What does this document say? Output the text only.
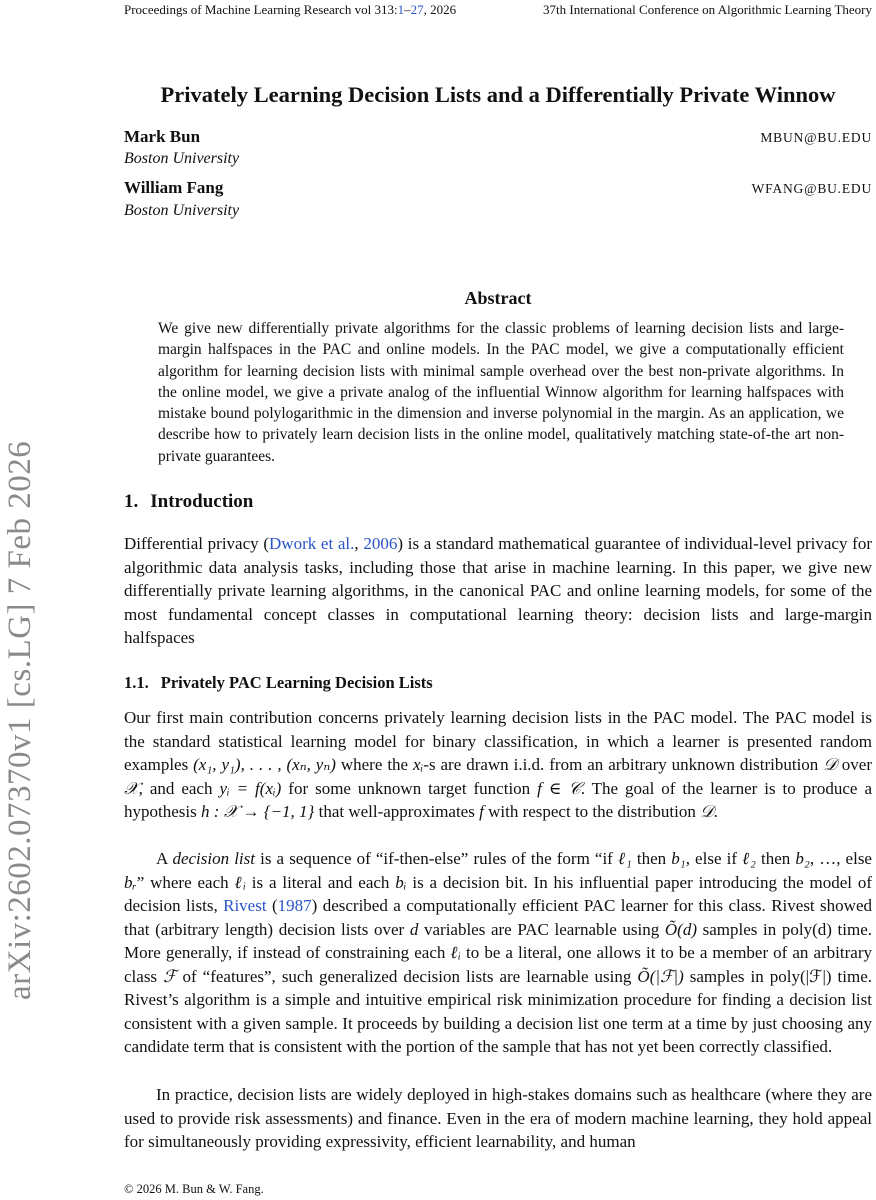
Proceedings of Machine Learning Research vol 313:1–27, 2026	37th International Conference on Algorithmic Learning Theory
arXiv:2602.07370v1 [cs.LG] 7 Feb 2026
Privately Learning Decision Lists and a Differentially Private Winnow
Mark Bun	MBUN@BU.EDU
Boston University
William Fang	WFANG@BU.EDU
Boston University
Abstract
We give new differentially private algorithms for the classic problems of learning decision lists and large-margin halfspaces in the PAC and online models. In the PAC model, we give a computationally efficient algorithm for learning decision lists with minimal sample overhead over the best non-private algorithms. In the online model, we give a private analog of the influential Winnow algorithm for learning halfspaces with mistake bound polylogarithmic in the dimension and inverse polynomial in the margin. As an application, we describe how to privately learn decision lists in the online model, qualitatively matching state-of-the art non-private guarantees.
1. Introduction
Differential privacy (Dwork et al., 2006) is a standard mathematical guarantee of individual-level privacy for algorithmic data analysis tasks, including those that arise in machine learning. In this paper, we give new differentially private learning algorithms, in the canonical PAC and online learning models, for some of the most fundamental concept classes in computational learning theory: decision lists and large-margin halfspaces
1.1. Privately PAC Learning Decision Lists
Our first main contribution concerns privately learning decision lists in the PAC model. The PAC model is the standard statistical learning model for binary classification, in which a learner is presented random examples (x₁, y₁), . . . , (xₙ, yₙ) where the xᵢ-s are drawn i.i.d. from an arbitrary unknown distribution 𝒟 over 𝒳, and each yᵢ = f(xᵢ) for some unknown target function f ∈ 𝒞. The goal of the learner is to produce a hypothesis h : 𝒳 → {−1, 1} that well-approximates f with respect to the distribution 𝒟.
A decision list is a sequence of “if-then-else” rules of the form “if ℓ₁ then b₁, else if ℓ₂ then b₂, …, else bᵣ” where each ℓᵢ is a literal and each bᵢ is a decision bit. In his influential paper introducing the model of decision lists, Rivest (1987) described a computationally efficient PAC learner for this class. Rivest showed that (arbitrary length) decision lists over d variables are PAC learnable using Õ(d) samples in poly(d) time. More generally, if instead of constraining each ℓᵢ to be a literal, one allows it to be a member of an arbitrary class ℱ of “features”, such generalized decision lists are learnable using Õ(|ℱ|) samples in poly(|ℱ|) time. Rivest’s algorithm is a simple and intuitive empirical risk minimization procedure for finding a decision list consistent with a given sample. It proceeds by building a decision list one term at a time by just choosing any candidate term that is consistent with the portion of the sample that has not yet been correctly classified.
In practice, decision lists are widely deployed in high-stakes domains such as healthcare (where they are used to provide risk assessments) and finance. Even in the era of modern machine learning, they hold appeal for simultaneously providing expressivity, efficient learnability, and human
© 2026 M. Bun & W. Fang.
